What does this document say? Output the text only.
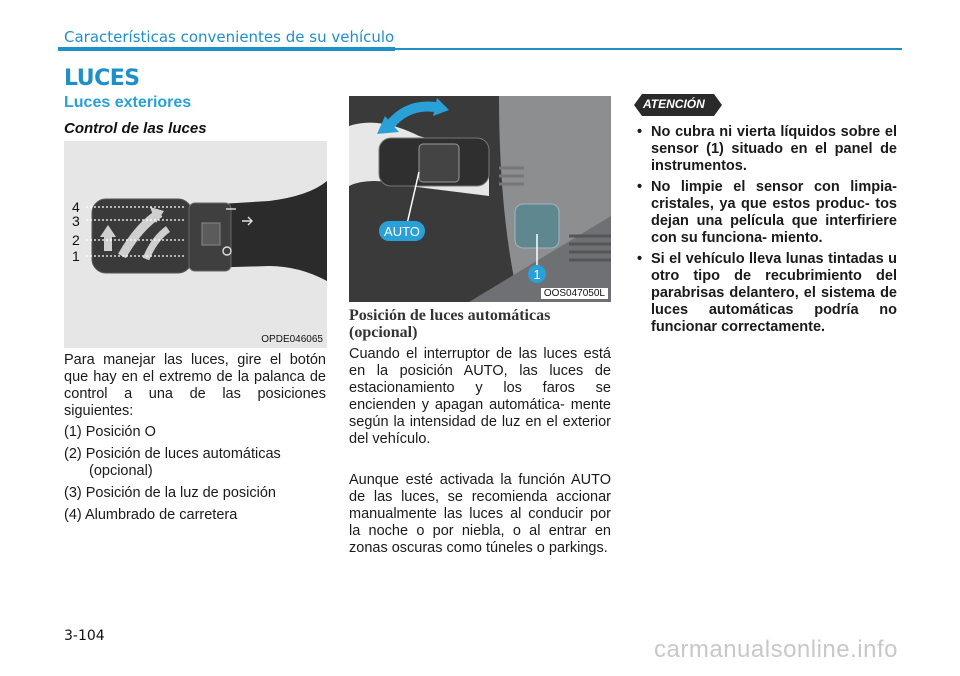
Características convenientes de su vehículo
LUCES
Luces exteriores
Control de las luces
4
3
2
1
OPDE046065
Para manejar las luces, gire el botón que hay en el extremo de la palanca de control a una de las posiciones siguientes:
(1) Posición O
(2) Posición de luces automáticas
(opcional)
(3) Posición de la luz de posición
(4) Alumbrado de carretera
AUTO
1
OOS047050L
Posición de luces automáticas (opcional)
Cuando el interruptor de las luces está en la posición AUTO, las luces de estacionamiento y los faros se encienden y apagan automática- mente según la intensidad de luz en el exterior del vehículo.
Aunque esté activada la función AUTO de las luces, se recomienda accionar manualmente las luces al conducir por la noche o por niebla, o al entrar en zonas oscuras como túneles o parkings.
ATENCIÓN
• No cubra ni vierta líquidos sobre el sensor (1) situado en el panel de instrumentos.
• No limpie el sensor con limpia- cristales, ya que estos produc- tos dejan una película que interfiriere con su funciona- miento.
• Si el vehículo lleva lunas tintadas u otro tipo de recubrimiento del parabrisas delantero, el sistema de luces automáticas podría no funcionar correctamente.
3-104	carmanualsonline.info
